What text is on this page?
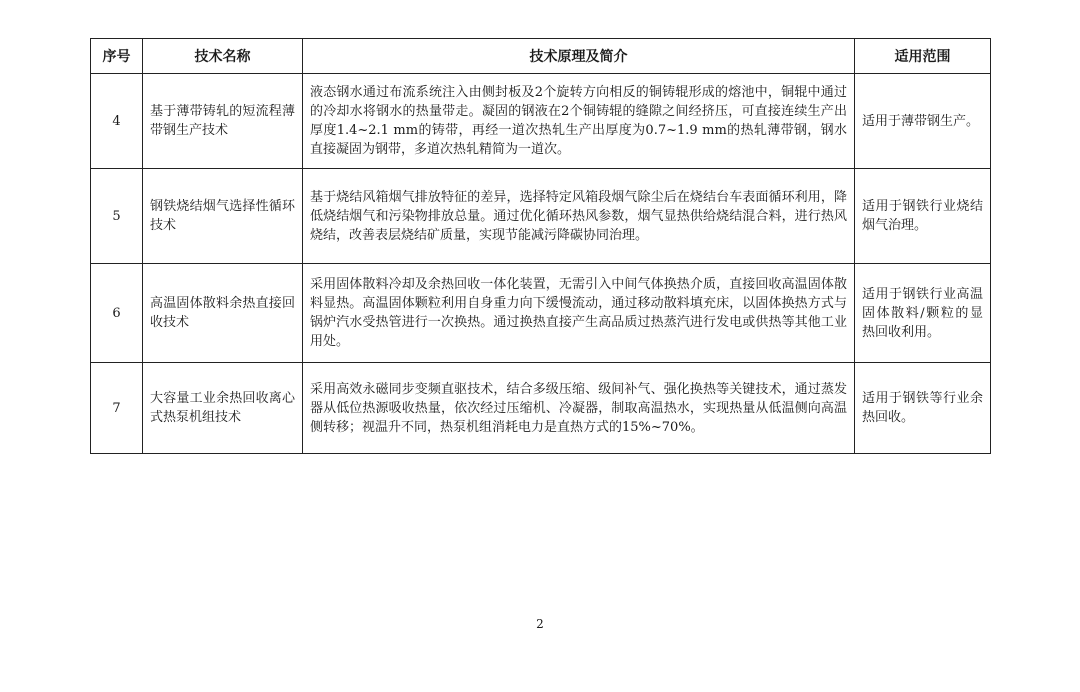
序号	技术名称	技术原理及简介	适用范围
4	基于薄带铸轧的短流程薄带钢生产技术	液态钢水通过布流系统注入由侧封板及2个旋转方向相反的铜铸辊形成的熔池中，铜辊中通过的冷却水将钢水的热量带走。凝固的钢液在2个铜铸辊的缝隙之间经挤压，可直接连续生产出厚度1.4~2.1 mm的铸带，再经一道次热轧生产出厚度为0.7~1.9 mm的热轧薄带钢，钢水直接凝固为钢带，多道次热轧精简为一道次。	适用于薄带钢生产。
5	钢铁烧结烟气选择性循环技术	基于烧结风箱烟气排放特征的差异，选择特定风箱段烟气除尘后在烧结台车表面循环利用，降低烧结烟气和污染物排放总量。通过优化循环热风参数，烟气显热供给烧结混合料，进行热风烧结，改善表层烧结矿质量，实现节能减污降碳协同治理。	适用于钢铁行业烧结烟气治理。
6	高温固体散料余热直接回收技术	采用固体散料冷却及余热回收一体化装置，无需引入中间气体换热介质，直接回收高温固体散料显热。高温固体颗粒利用自身重力向下缓慢流动，通过移动散料填充床，以固体换热方式与锅炉汽水受热管进行一次换热。通过换热直接产生高品质过热蒸汽进行发电或供热等其他工业用处。	适用于钢铁行业高温固体散料/颗粒的显热回收利用。
7	大容量工业余热回收离心式热泵机组技术	采用高效永磁同步变频直驱技术，结合多级压缩、级间补气、强化换热等关键技术，通过蒸发器从低位热源吸收热量，依次经过压缩机、冷凝器，制取高温热水，实现热量从低温侧向高温侧转移；视温升不同，热泵机组消耗电力是直热方式的15%~70%。	适用于钢铁等行业余热回收。
2
